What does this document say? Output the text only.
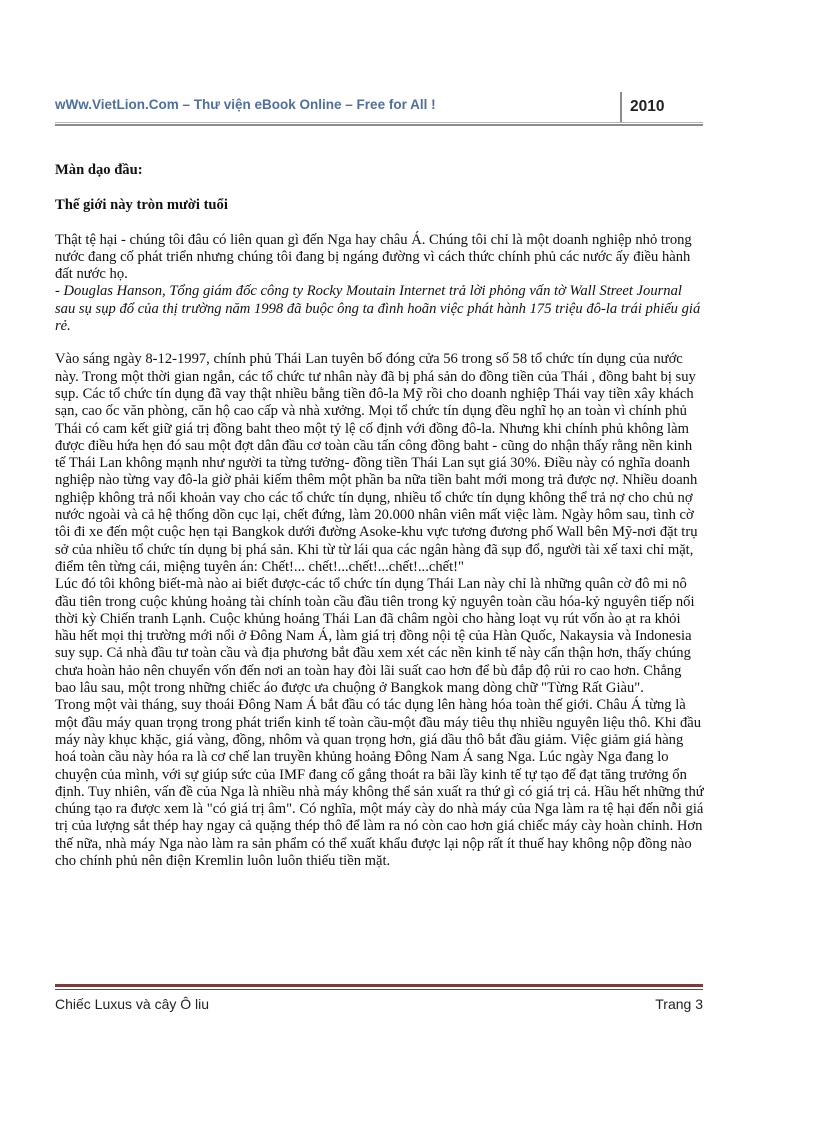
wWw.VietLion.Com – Thư viện eBook Online – Free for All !	2010

Màn dạo đầu:

Thế giới này tròn mười tuổi

Thật tệ hại - chúng tôi đâu có liên quan gì đến Nga hay châu Á. Chúng tôi chỉ là một doanh nghiệp nhỏ trong nước đang cố phát triển nhưng chúng tôi đang bị ngáng đường vì cách thức chính phủ các nước ấy điều hành đất nước họ.

- Douglas Hanson, Tổng giám đốc công ty Rocky Moutain Internet trả lời phỏng vấn tờ Wall Street Journal sau sụ sụp đổ của thị trường năm 1998 đã buộc ông ta đình hoãn việc phát hành 175 triệu đô-la trái phiếu giá rẻ.

Vào sáng ngày 8-12-1997, chính phủ Thái Lan tuyên bố đóng cửa 56 trong số 58 tổ chức tín dụng của nước này. Trong một thời gian ngắn, các tổ chức tư nhân này đã bị phá sản do đồng tiền của Thái , đồng baht bị suy sụp. Các tổ chức tín dụng đã vay thật nhiều bằng tiền đô-la Mỹ rồi cho doanh nghiệp Thái vay tiền xây khách sạn, cao ốc văn phòng, căn hộ cao cấp và nhà xưởng. Mọi tổ chức tín dụng đều nghĩ họ an toàn vì chính phủ Thái có cam kết giữ giá trị đồng baht theo một tỷ lệ cố định với đồng đô-la. Nhưng khi chính phủ không làm được điều hứa hẹn đó sau một đợt dân đầu cơ toàn cầu tấn công đồng baht - cũng do nhận thấy rằng nền kinh tế Thái Lan không mạnh như người ta từng tưởng- đồng tiền Thái Lan sụt giá 30%. Điều này có nghĩa doanh nghiệp nào từng vay đô-la giờ phải kiếm thêm một phần ba nữa tiền baht mới mong trả được nợ. Nhiều doanh nghiệp không trả nổi khoản vay cho các tổ chức tín dụng, nhiều tổ chức tín dụng không thể trả nợ cho chủ nợ nước ngoài và cả hệ thống dồn cục lại, chết đứng, làm 20.000 nhân viên mất việc làm. Ngày hôm sau, tình cờ tôi đi xe đến một cuộc hẹn tại Bangkok dưới đường Asoke-khu vực tương đương phố Wall bên Mỹ-nơi đặt trụ sở của nhiều tổ chức tín dụng bị phá sản. Khi từ từ lái qua các ngân hàng đã sụp đổ, người tài xế taxi chỉ mặt, điểm tên từng cái, miệng tuyên án: Chết!... chết!...chết!...chết!...chết!"

Lúc đó tôi không biết-mà nào ai biết được-các tổ chức tín dụng Thái Lan này chỉ là những quân cờ đô mi nô đầu tiên trong cuộc khủng hoảng tài chính toàn cầu đầu tiên trong kỷ nguyên toàn cầu hóa-kỷ nguyên tiếp nối thời kỳ Chiến tranh Lạnh. Cuộc khủng hoảng Thái Lan đã châm ngòi cho hàng loạt vụ rút vốn ào ạt ra khỏi hầu hết mọi thị trường mới nổi ở Đông Nam Á, làm giá trị đồng nội tệ của Hàn Quốc, Nakaysia và Indonesia suy sụp. Cả nhà đầu tư toàn cầu và địa phương bắt đầu xem xét các nền kinh tế này cẩn thận hơn, thấy chúng chưa hoàn hảo nên chuyển vốn đến nơi an toàn hay đòi lãi suất cao hơn để bù đắp độ rủi ro cao hơn. Chẳng bao lâu sau, một trong những chiếc áo được ưa chuộng ở Bangkok mang dòng chữ "Từng Rất Giàu".

Trong một vài tháng, suy thoái Đông Nam Á bắt đầu có tác dụng lên hàng hóa toàn thế giới. Châu Á từng là một đầu máy quan trọng trong phát triển kinh tế toàn cầu-một đầu máy tiêu thụ nhiều nguyên liệu thô. Khi đầu máy này khục khặc, giá vàng, đồng, nhôm và quan trọng hơn, giá dầu thô bắt đầu giảm. Việc giảm giá hàng hoá toàn cầu này hóa ra là cơ chế lan truyền khủng hoảng Đông Nam Á sang Nga. Lúc ngày Nga đang lo chuyện của mình, với sự giúp sức của IMF đang cố gắng thoát ra bãi lầy kinh tế tự tạo để đạt tăng trưởng ổn định. Tuy nhiên, vấn đề của Nga là nhiều nhà máy không thể sản xuất ra thứ gì có giá trị cả. Hầu hết những thứ chúng tạo ra được xem là "có giá trị âm". Có nghĩa, một máy cày do nhà máy của Nga làm ra tệ hại đến nỗi giá trị của lượng sắt thép hay ngay cả quặng thép thô để làm ra nó còn cao hơn giá chiếc máy cày hoàn chỉnh. Hơn thế nữa, nhà máy Nga nào làm ra sản phẩm có thể xuất khẩu được lại nộp rất ít thuế hay không nộp đồng nào cho chính phủ nên điện Kremlin luôn luôn thiếu tiền mặt.

Chiếc Luxus và cây Ô liu	Trang 3
